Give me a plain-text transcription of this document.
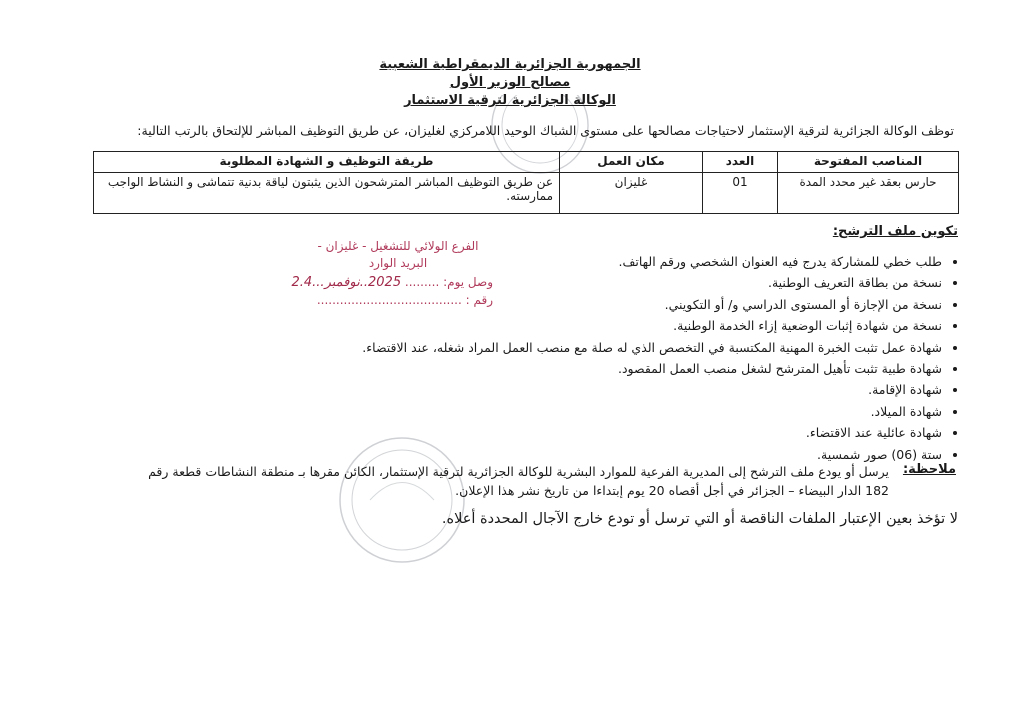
الجمهورية الجزائرية الديمقراطية الشعبية
مصالح الوزير الأول
الوكالة الجزائرية لترقية الاستثمار
توظف الوكالة الجزائرية لترقية الإستثمار لاحتياجات مصالحها على مستوى الشباك الوحيد اللامركزي لغليزان، عن طريق التوظيف المباشر للإلتحاق بالرتب التالية:
المناصب المفتوحة	العدد	مكان العمل	طريقة التوظيف و الشهادة المطلوبة
حارس بعقد غير محدد المدة	01	غليزان	عن طريق التوظيف المباشر المترشحون الذين يثبتون لياقة بدنية تتماشى و النشاط الواجب ممارسته.
تكوين ملف الترشح:
• طلب خطي للمشاركة يدرج فيه العنوان الشخصي ورقم الهاتف.
• نسخة من بطاقة التعريف الوطنية.
• نسخة من الإجازة أو المستوى الدراسي و/ أو التكويني.
• نسخة من شهادة إثبات الوضعية إزاء الخدمة الوطنية.
• شهادة عمل تثبت الخبرة المهنية المكتسبة في التخصص الذي له صلة مع منصب العمل المراد شغله، عند الاقتضاء.
• شهادة طبية تثبت تأهيل المترشح لشغل منصب العمل المقصود.
• شهادة الإقامة.
• شهادة الميلاد.
• شهادة عائلية عند الاقتضاء.
• ستة (06) صور شمسية.
ملاحظة:
يرسل أو يودع ملف الترشح إلى المديرية الفرعية للموارد البشرية للوكالة الجزائرية لترقية الإستثمار، الكائن مقرها بـ منطقة النشاطات قطعة رقم 182 الدار البيضاء – الجزائر في أجل أقصاه 20 يوم إبتداءا من تاريخ نشر هذا الإعلان.
لا تؤخذ بعين الإعتبار الملفات الناقصة أو التي ترسل أو تودع خارج الآجال المحددة أعلاه.
الفرع الولائي للتشغيل - غليزان -
البريد الوارد
وصل يوم: ......... 2025..نوفمبر...2.4
رقم : ......................................
